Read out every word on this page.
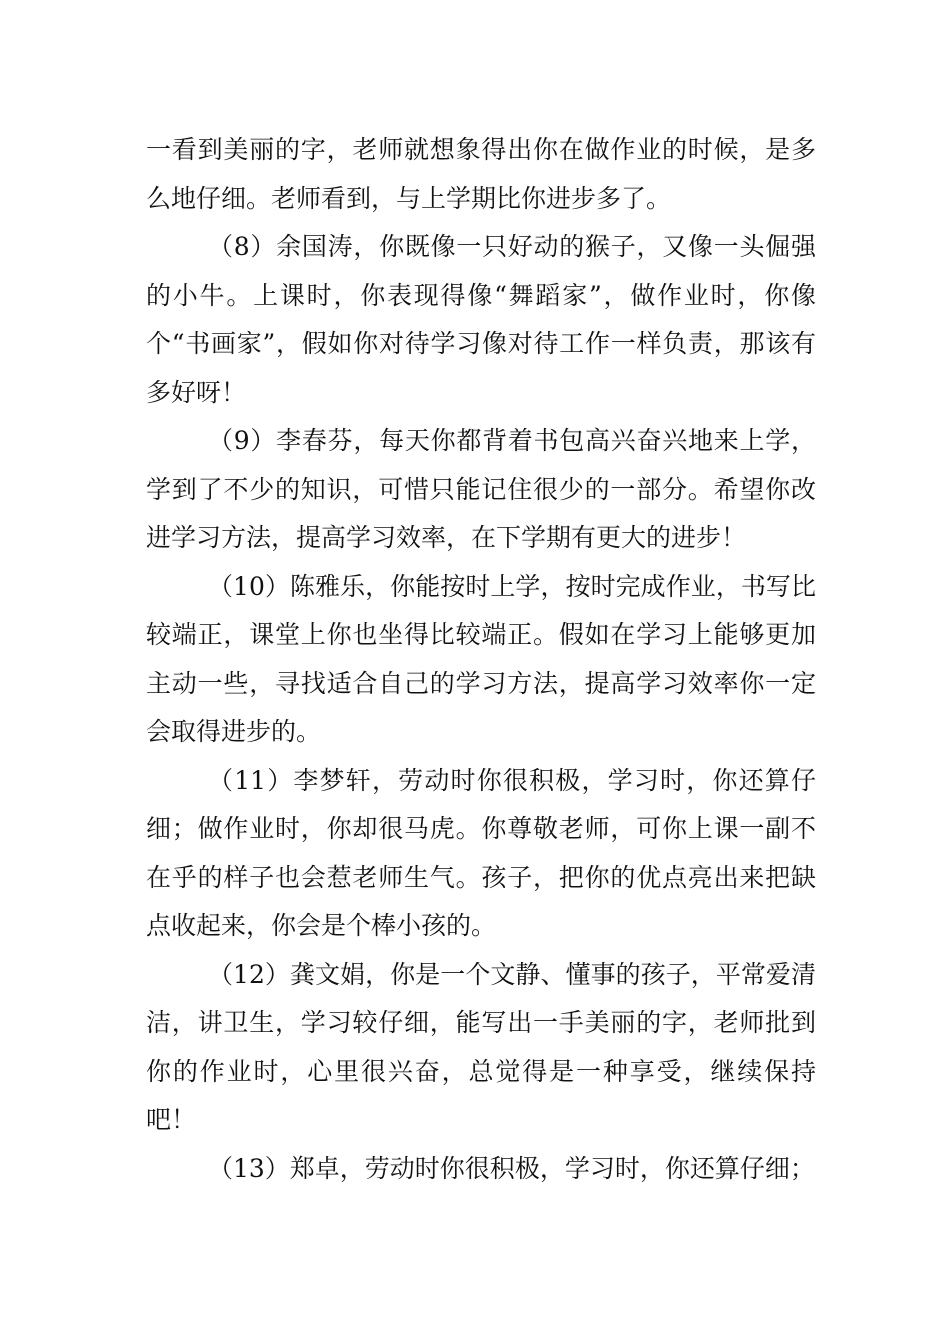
一看到美丽的字，老师就想象得出你在做作业的时候，是多么地仔细。老师看到，与上学期比你进步多了。

（8）余国涛，你既像一只好动的猴子，又像一头倔强的小牛。上课时，你表现得像“舞蹈家”，做作业时，你像个“书画家”，假如你对待学习像对待工作一样负责，那该有多好呀！

（9）李春芬，每天你都背着书包高兴奋兴地来上学，学到了不少的知识，可惜只能记住很少的一部分。希望你改进学习方法，提高学习效率，在下学期有更大的进步！

（10）陈雅乐，你能按时上学，按时完成作业，书写比较端正，课堂上你也坐得比较端正。假如在学习上能够更加主动一些，寻找适合自己的学习方法，提高学习效率你一定会取得进步的。

（11）李梦轩，劳动时你很积极，学习时，你还算仔细；做作业时，你却很马虎。你尊敬老师，可你上课一副不在乎的样子也会惹老师生气。孩子，把你的优点亮出来把缺点收起来，你会是个棒小孩的。

（12）龚文娟，你是一个文静、懂事的孩子，平常爱清洁，讲卫生，学习较仔细，能写出一手美丽的字，老师批到你的作业时，心里很兴奋，总觉得是一种享受，继续保持吧！

（13）郑卓，劳动时你很积极，学习时，你还算仔细；
